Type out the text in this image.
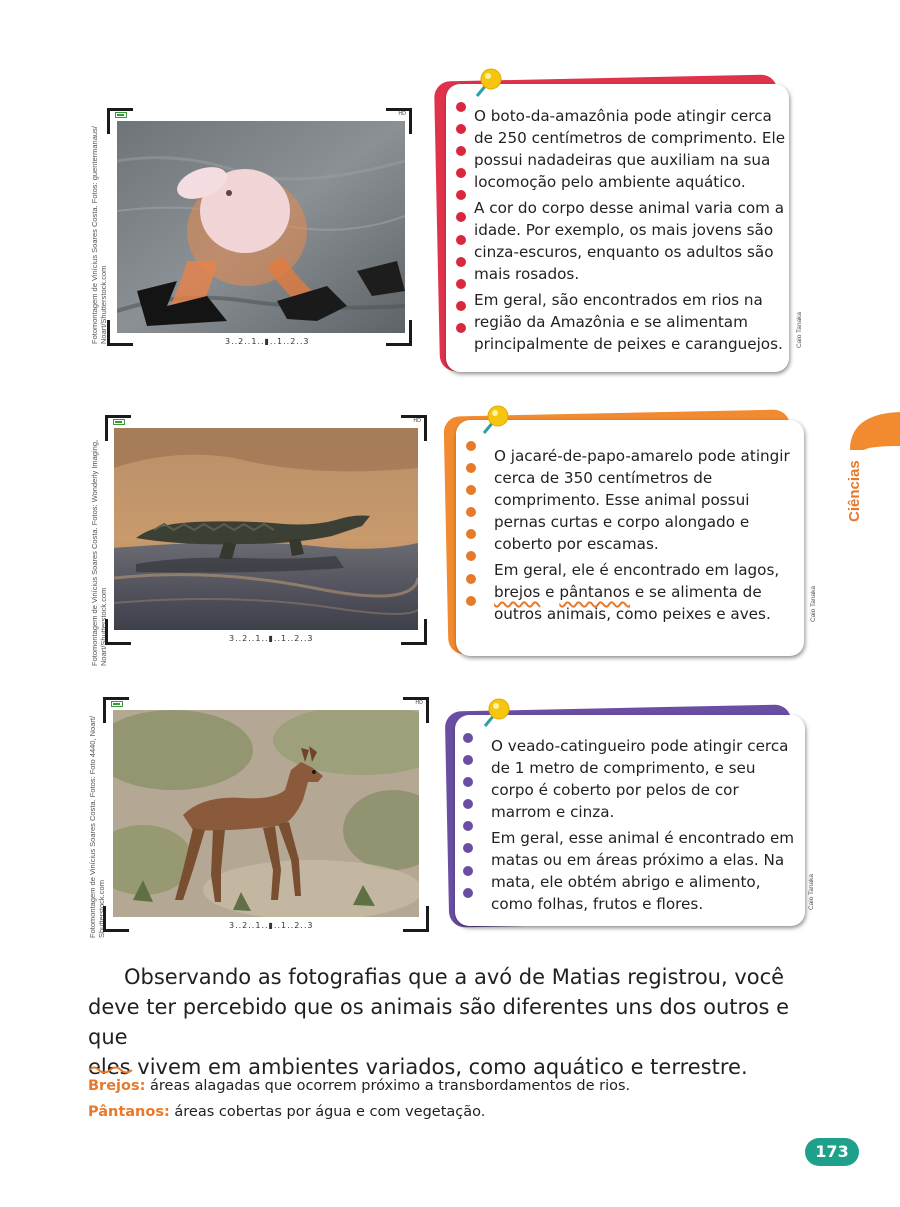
Fotomontagem de Vinícius Soares Costa. Fotos: guentermanaus/ Noart/Shutterstock.com
HD
3..2..1..▮..1..2..3

O boto-da-amazônia pode atingir cerca de 250 centímetros de comprimento. Ele possui nadadeiras que auxiliam na sua locomoção pelo ambiente aquático.

A cor do corpo desse animal varia com a idade. Por exemplo, os mais jovens são cinza-escuros, enquanto os adultos são mais rosados.

Em geral, são encontrados em rios na região da Amazônia e se alimentam principalmente de peixes e caranguejos.	Caio Tanaka
Fotomontagem de Vinícius Soares Costa. Fotos: Wonderly Imaging, Noart/Shutterstock.com
HD
3..2..1..▮..1..2..3

O jacaré-de-papo-amarelo pode atingir cerca de 350 centímetros de comprimento. Esse animal possui pernas curtas e corpo alongado e coberto por escamas.

Em geral, ele é encontrado em lagos, brejos e pântanos e se alimenta de outros animais, como peixes e aves.	Caio Tanaka
Fotomontagem de Vinícius Soares Costa. Fotos: Foto 4440, Noart/ Shutterstock.com
HD
3..2..1..▮..1..2..3

O veado-catingueiro pode atingir cerca de 1 metro de comprimento, e seu corpo é coberto por pelos de cor marrom e cinza.

Em geral, esse animal é encontrado em matas ou em áreas próximo a elas. Na mata, ele obtém abrigo e alimento, como folhas, frutos e flores.	Caio Tanaka
Ciências
Observando as fotografias que a avó de Matias registrou, você
deve ter percebido que os animais são diferentes uns dos outros e que
eles vivem em ambientes variados, como aquático e terrestre.
Brejos: áreas alagadas que ocorrem próximo a transbordamentos de rios.
Pântanos: áreas cobertas por água e com vegetação.
173
